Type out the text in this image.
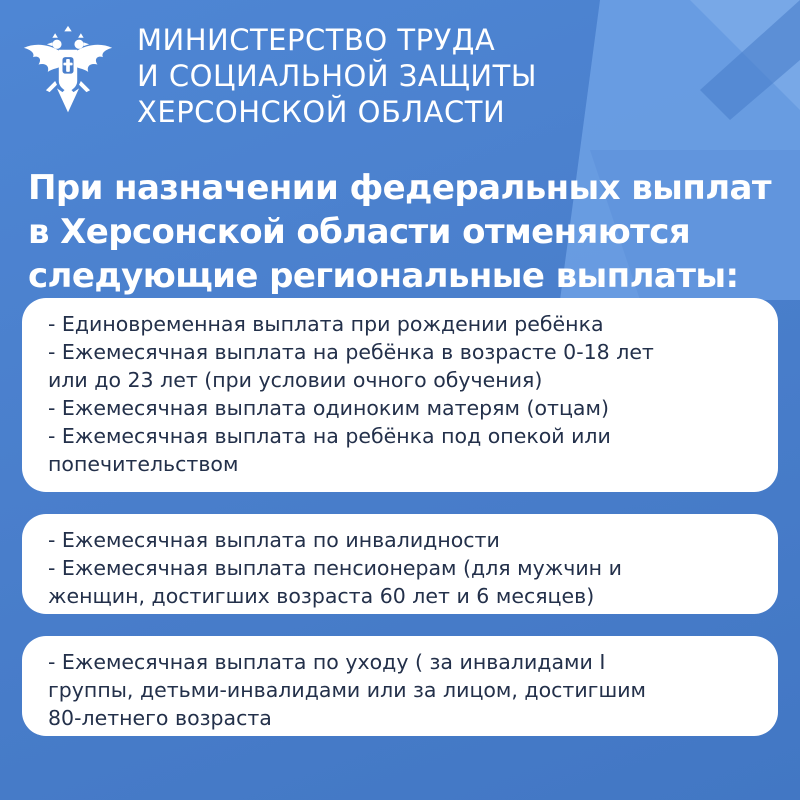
МИНИСТЕРСТВО ТРУДА
И СОЦИАЛЬНОЙ ЗАЩИТЫ
ХЕРСОНСКОЙ ОБЛАСТИ
При назначении федеральных выплат
в Херсонской области отменяются
следующие региональные выплаты:
- Единовременная выплата при рождении ребёнка
- Ежемесячная выплата на ребёнка в возрасте 0-18 лет
или до 23 лет (при условии очного обучения)
- Ежемесячная выплата одиноким матерям (отцам)
- Ежемесячная выплата на ребёнка под опекой или
попечительством
- Ежемесячная выплата по инвалидности
- Ежемесячная выплата пенсионерам (для мужчин и
женщин, достигших возраста 60 лет и 6 месяцев)
- Ежемесячная выплата по уходу ( за инвалидами I
группы, детьми-инвалидами или за лицом, достигшим
80-летнего возраста
